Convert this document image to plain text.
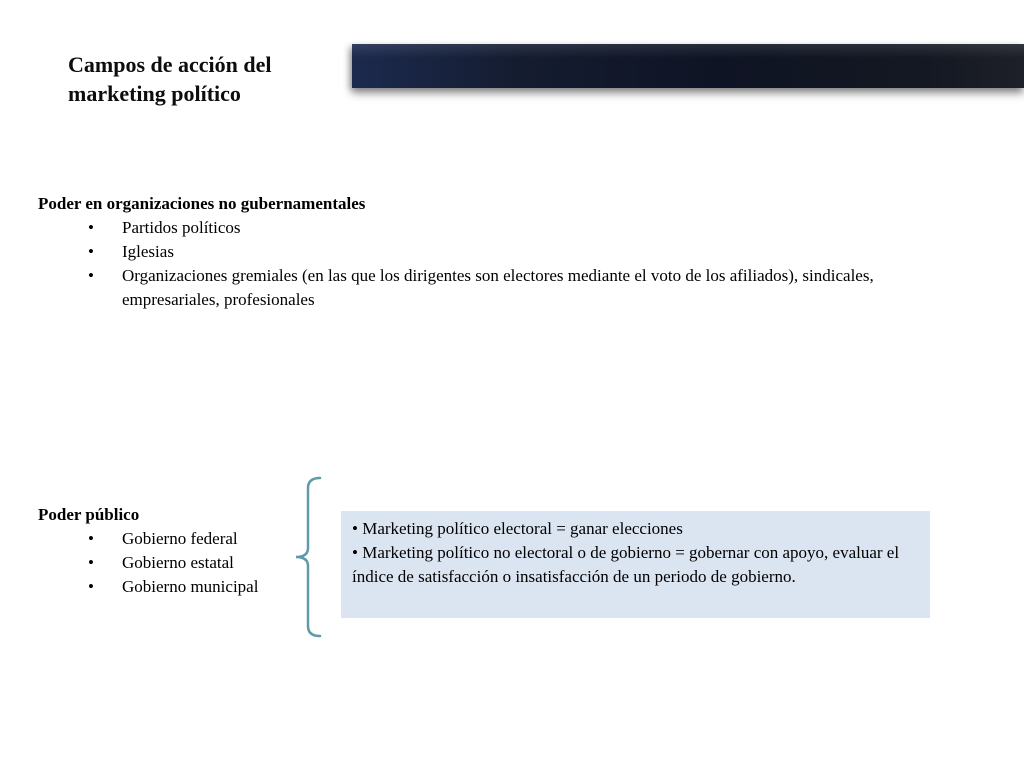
Campos de acción del
marketing político

Poder en organizaciones no gubernamentales

• Partidos políticos
• Iglesias
• Organizaciones gremiales (en las que los dirigentes son electores mediante el voto de los afiliados), sindicales, empresariales, profesionales

Poder público

• Gobierno federal
• Gobierno estatal
• Gobierno municipal

• Marketing político electoral = ganar elecciones

• Marketing político no electoral o de gobierno = gobernar con apoyo, evaluar el índice de satisfacción o insatisfacción de un periodo de gobierno.
